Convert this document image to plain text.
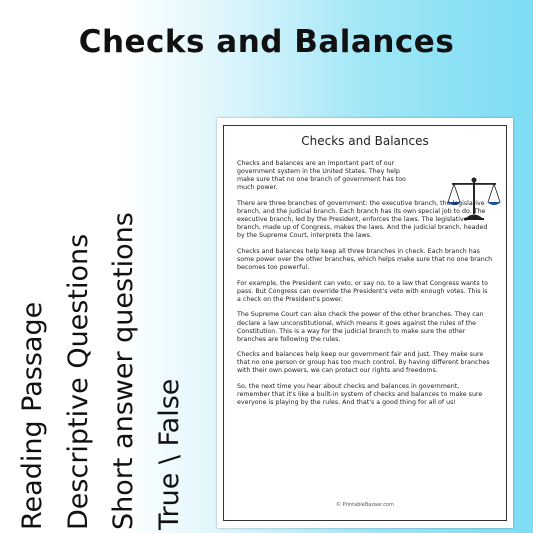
Checks and Balances
Reading Passage Descriptive Questions Short answer questions True \ False
Checks and Balances

Checks and balances are an important part of our government system in the United States. They help make sure that no one branch of government has too much power.

There are three branches of government: the executive branch, the legislative branch, and the judicial branch. Each branch has its own special job to do. The executive branch, led by the President, enforces the laws. The legislative branch, made up of Congress, makes the laws. And the judicial branch, headed by the Supreme Court, interprets the laws.

Checks and balances help keep all three branches in check. Each branch has some power over the other branches, which helps make sure that no one branch becomes too powerful.

For example, the President can veto, or say no, to a law that Congress wants to pass. But Congress can override the President's veto with enough votes. This is a check on the President's power.

The Supreme Court can also check the power of the other branches. They can declare a law unconstitutional, which means it goes against the rules of the Constitution. This is a way for the judicial branch to make sure the other branches are following the rules.

Checks and balances help keep our government fair and just. They make sure that no one person or group has too much control. By having different branches with their own powers, we can protect our rights and freedoms.

So, the next time you hear about checks and balances in government, remember that it's like a built-in system of checks and balances to make sure everyone is playing by the rules. And that's a good thing for all of us!

© PrintableBazaar.com
